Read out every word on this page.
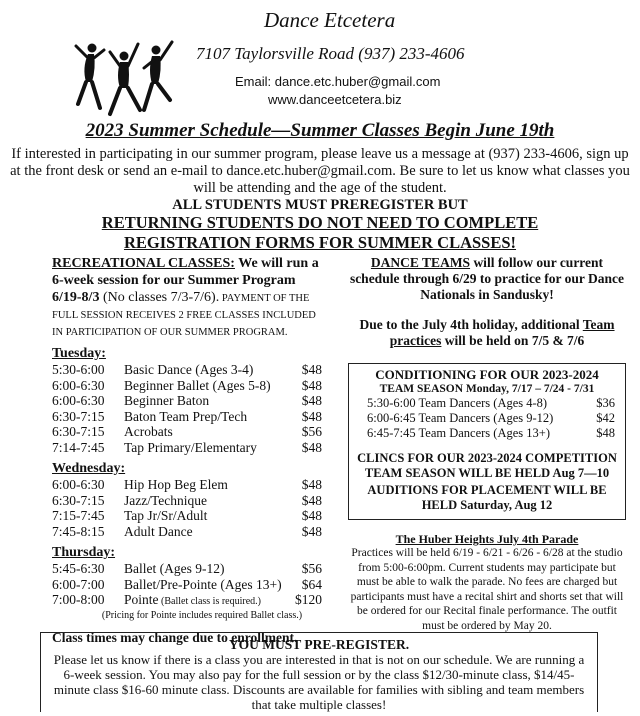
Dance Etcetera
7107 Taylorsville Road (937) 233-4606
Email: dance.etc.huber@gmail.com
www.danceetcetera.biz
2023 Summer Schedule—Summer Classes Begin June 19th
If interested in participating in our summer program, please leave us a message at (937) 233-4606, sign up at the front desk or send an e-mail to dance.etc.huber@gmail.com. Be sure to let us know what classes you will be attending and the age of the student.
ALL STUDENTS MUST PREREGISTER BUT
RETURNING STUDENTS DO NOT NEED TO COMPLETE
REGISTRATION FORMS FOR SUMMER CLASSES!
RECREATIONAL CLASSES: We will run a 6-week session for our Summer Program 6/19-8/3 (No classes 7/3-7/6). PAYMENT OF THE FULL SESSION RECEIVES 2 FREE CLASSES INCLUDED IN PARTICIPATION OF OUR SUMMER PROGRAM.
Tuesday:
5:30-6:00	Basic Dance (Ages 3-4)	$48
6:00-6:30	Beginner Ballet (Ages 5-8)	$48
6:00-6:30	Beginner Baton	$48
6:30-7:15	Baton Team Prep/Tech	$48
6:30-7:15	Acrobats	$56
7:14-7:45	Tap Primary/Elementary	$48
Wednesday:
6:00-6:30	Hip Hop Beg Elem	$48
6:30-7:15	Jazz/Technique	$48
7:15-7:45	Tap Jr/Sr/Adult	$48
7:45-8:15	Adult Dance	$48
Thursday:
5:45-6:30	Ballet (Ages 9-12)	$56
6:00-7:00	Ballet/Pre-Pointe (Ages 13+)	$64
7:00-8:00	Pointe (Ballet class is required.)	$120
(Pricing for Pointe includes required Ballet class.)
Class times may change due to enrollment.
DANCE TEAMS will follow our current schedule through 6/29 to practice for our Dance Nationals in Sandusky!
Due to the July 4th holiday, additional Team practices will be held on 7/5 & 7/6
CONDITIONING FOR OUR 2023-2024
TEAM SEASON Monday, 7/17 – 7/24 - 7/31
5:30-6:00 Team Dancers (Ages 4-8)	$36
6:00-6:45 Team Dancers (Ages 9-12)	$42
6:45-7:45 Team Dancers (Ages 13+)	$48
CLINCS FOR OUR 2023-2024 COMPETITION TEAM SEASON WILL BE HELD Aug 7—10
AUDITIONS FOR PLACEMENT WILL BE HELD Saturday, Aug 12
The Huber Heights July 4th Parade
Practices will be held 6/19 - 6/21 - 6/26 - 6/28 at the studio from 5:00-6:00pm. Current students may participate but must be able to walk the parade. No fees are charged but participants must have a recital shirt and shorts set that will be ordered for our Recital finale performance. The outfit must be ordered by May 20.
YOU MUST PRE-REGISTER.
Please let us know if there is a class you are interested in that is not on our schedule. We are running a 6-week session. You may also pay for the full session or by the class $12/30-minute class, $14/45-minute class $16-60 minute class. Discounts are available for families with sibling and team members that take multiple classes!
